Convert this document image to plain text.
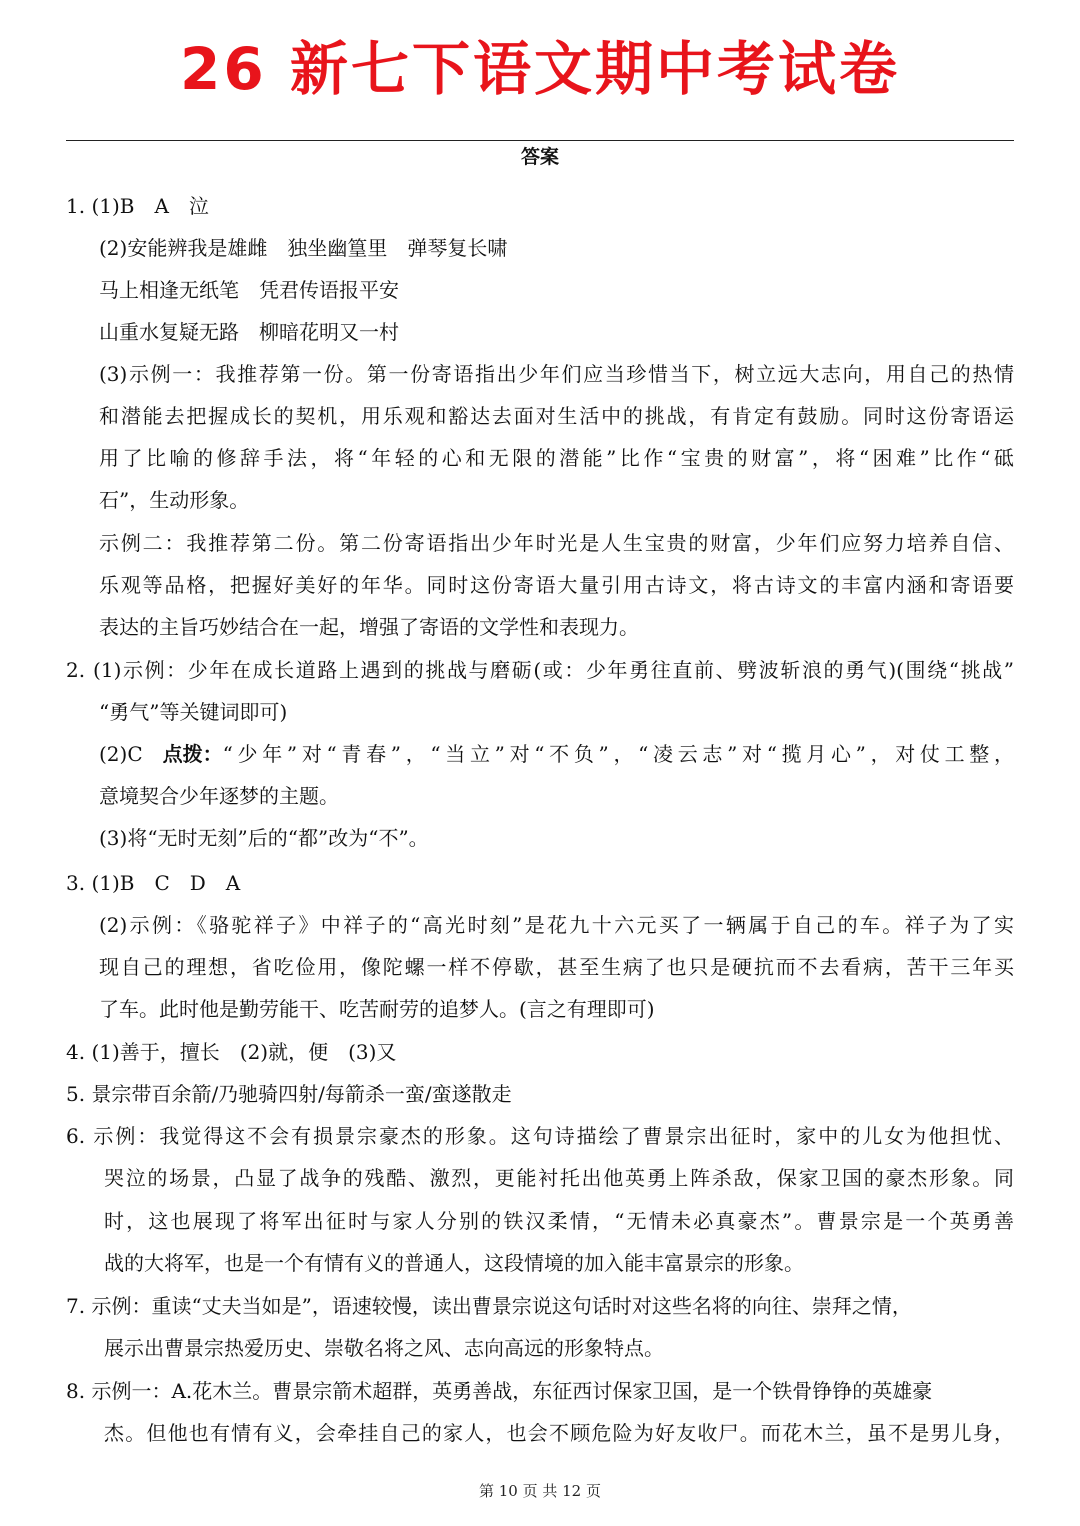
26 新七下语文期中考试卷
答案
1. (1)B　A　泣
(2)安能辨我是雄雌　独坐幽篁里　弹琴复长啸
马上相逢无纸笔　凭君传语报平安
山重水复疑无路　柳暗花明又一村
(3)示例一：我推荐第一份。第一份寄语指出少年们应当珍惜当下，树立远大志向，用自己的热情
和潜能去把握成长的契机，用乐观和豁达去面对生活中的挑战，有肯定有鼓励。同时这份寄语运
用了比喻的修辞手法，将“年轻的心和无限的潜能”比作“宝贵的财富”，将“困难”比作“砥
石”，生动形象。
示例二：我推荐第二份。第二份寄语指出少年时光是人生宝贵的财富，少年们应努力培养自信、
乐观等品格，把握好美好的年华。同时这份寄语大量引用古诗文，将古诗文的丰富内涵和寄语要
表达的主旨巧妙结合在一起，增强了寄语的文学性和表现力。
2. (1)示例：少年在成长道路上遇到的挑战与磨砺(或：少年勇往直前、劈波斩浪的勇气)(围绕“挑战”
“勇气”等关键词即可)
(2)C 点拨： “少年”对“青春”，“当立”对“不负”，“凌云志”对“揽月心”，对仗工整，
意境契合少年逐梦的主题。
(3)将“无时无刻”后的“都”改为“不”。
3. (1)B　C　D　A
(2)示例：《骆驼祥子》中祥子的“高光时刻”是花九十六元买了一辆属于自己的车。祥子为了实
现自己的理想，省吃俭用，像陀螺一样不停歇，甚至生病了也只是硬抗而不去看病，苦干三年买
了车。此时他是勤劳能干、吃苦耐劳的追梦人。(言之有理即可)
4. (1)善于，擅长　(2)就，便　(3)又
5. 景宗带百余箭/乃驰骑四射/每箭杀一蛮/蛮遂散走
6. 示例：我觉得这不会有损景宗豪杰的形象。这句诗描绘了曹景宗出征时，家中的儿女为他担忧、
哭泣的场景，凸显了战争的残酷、激烈，更能衬托出他英勇上阵杀敌，保家卫国的豪杰形象。同
时，这也展现了将军出征时与家人分别的铁汉柔情，“无情未必真豪杰”。曹景宗是一个英勇善
战的大将军，也是一个有情有义的普通人，这段情境的加入能丰富景宗的形象。
7. 示例：重读“丈夫当如是”，语速较慢，读出曹景宗说这句话时对这些名将的向往、崇拜之情，
展示出曹景宗热爱历史、崇敬名将之风、志向高远的形象特点。
8. 示例一：A.花木兰。曹景宗箭术超群，英勇善战，东征西讨保家卫国，是一个铁骨铮铮的英雄豪
杰。但他也有情有义，会牵挂自己的家人，也会不顾危险为好友收尸。而花木兰，虽不是男儿身，
第 10 页 共 12 页
